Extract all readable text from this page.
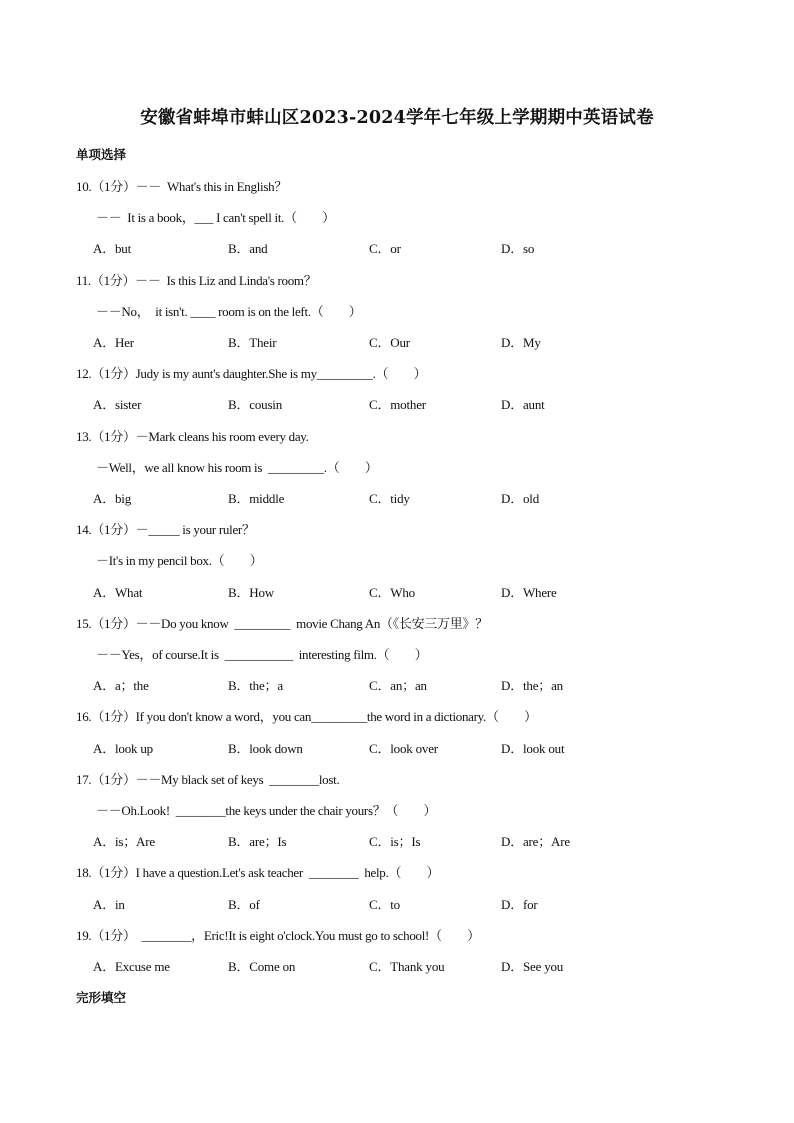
安徽省蚌埠市蚌山区2023-2024学年七年级上学期期中英语试卷
单项选择
10.（1分）－－  What's this in English？
－－  It is a book，___ I can't spell it.（　　）
A．but	B．and	C．or	D．so
11.（1分）－－  Is this Liz and Linda's room？
－－No，  it isn't. ____ room is on the left.（　　）
A．Her	B．Their	C．Our	D．My
12.（1分）Judy is my aunt's daughter.She is my_________.（　　）
A．sister	B．cousin	C．mother	D．aunt
13.（1分）－Mark cleans his room every day.
－Well，we all know his room is  _________.（　　）
A．big	B．middle	C．tidy	D．old
14.（1分）－_____ is your ruler？
－It's in my pencil box.（　　）
A．What	B．How	C．Who	D．Where
15.（1分）－－Do you know  _________  movie Chang An（《长安三万里》？
－－Yes，of course.It is  ___________  interesting film.（　　）
A．a；the	B．the；a	C．an；an	D．the；an
16.（1分）If you don't know a word，you can_________the word in a dictionary.（　　）
A．look up	B．look down	C．look over	D．look out
17.（1分）－－My black set of keys  ________lost.
－－Oh.Look!  ________the keys under the chair yours？（　　）
A．is；Are	B．are；Is	C．is；Is	D．are；Are
18.（1分）I have a question.Let's ask teacher  ________  help.（　　）
A．in	B．of	C．to	D．for
19.（1分）  ________，Eric!It is eight o'clock.You must go to school!（　　）
A．Excuse me	B．Come on	C．Thank you	D．See you
完形填空
